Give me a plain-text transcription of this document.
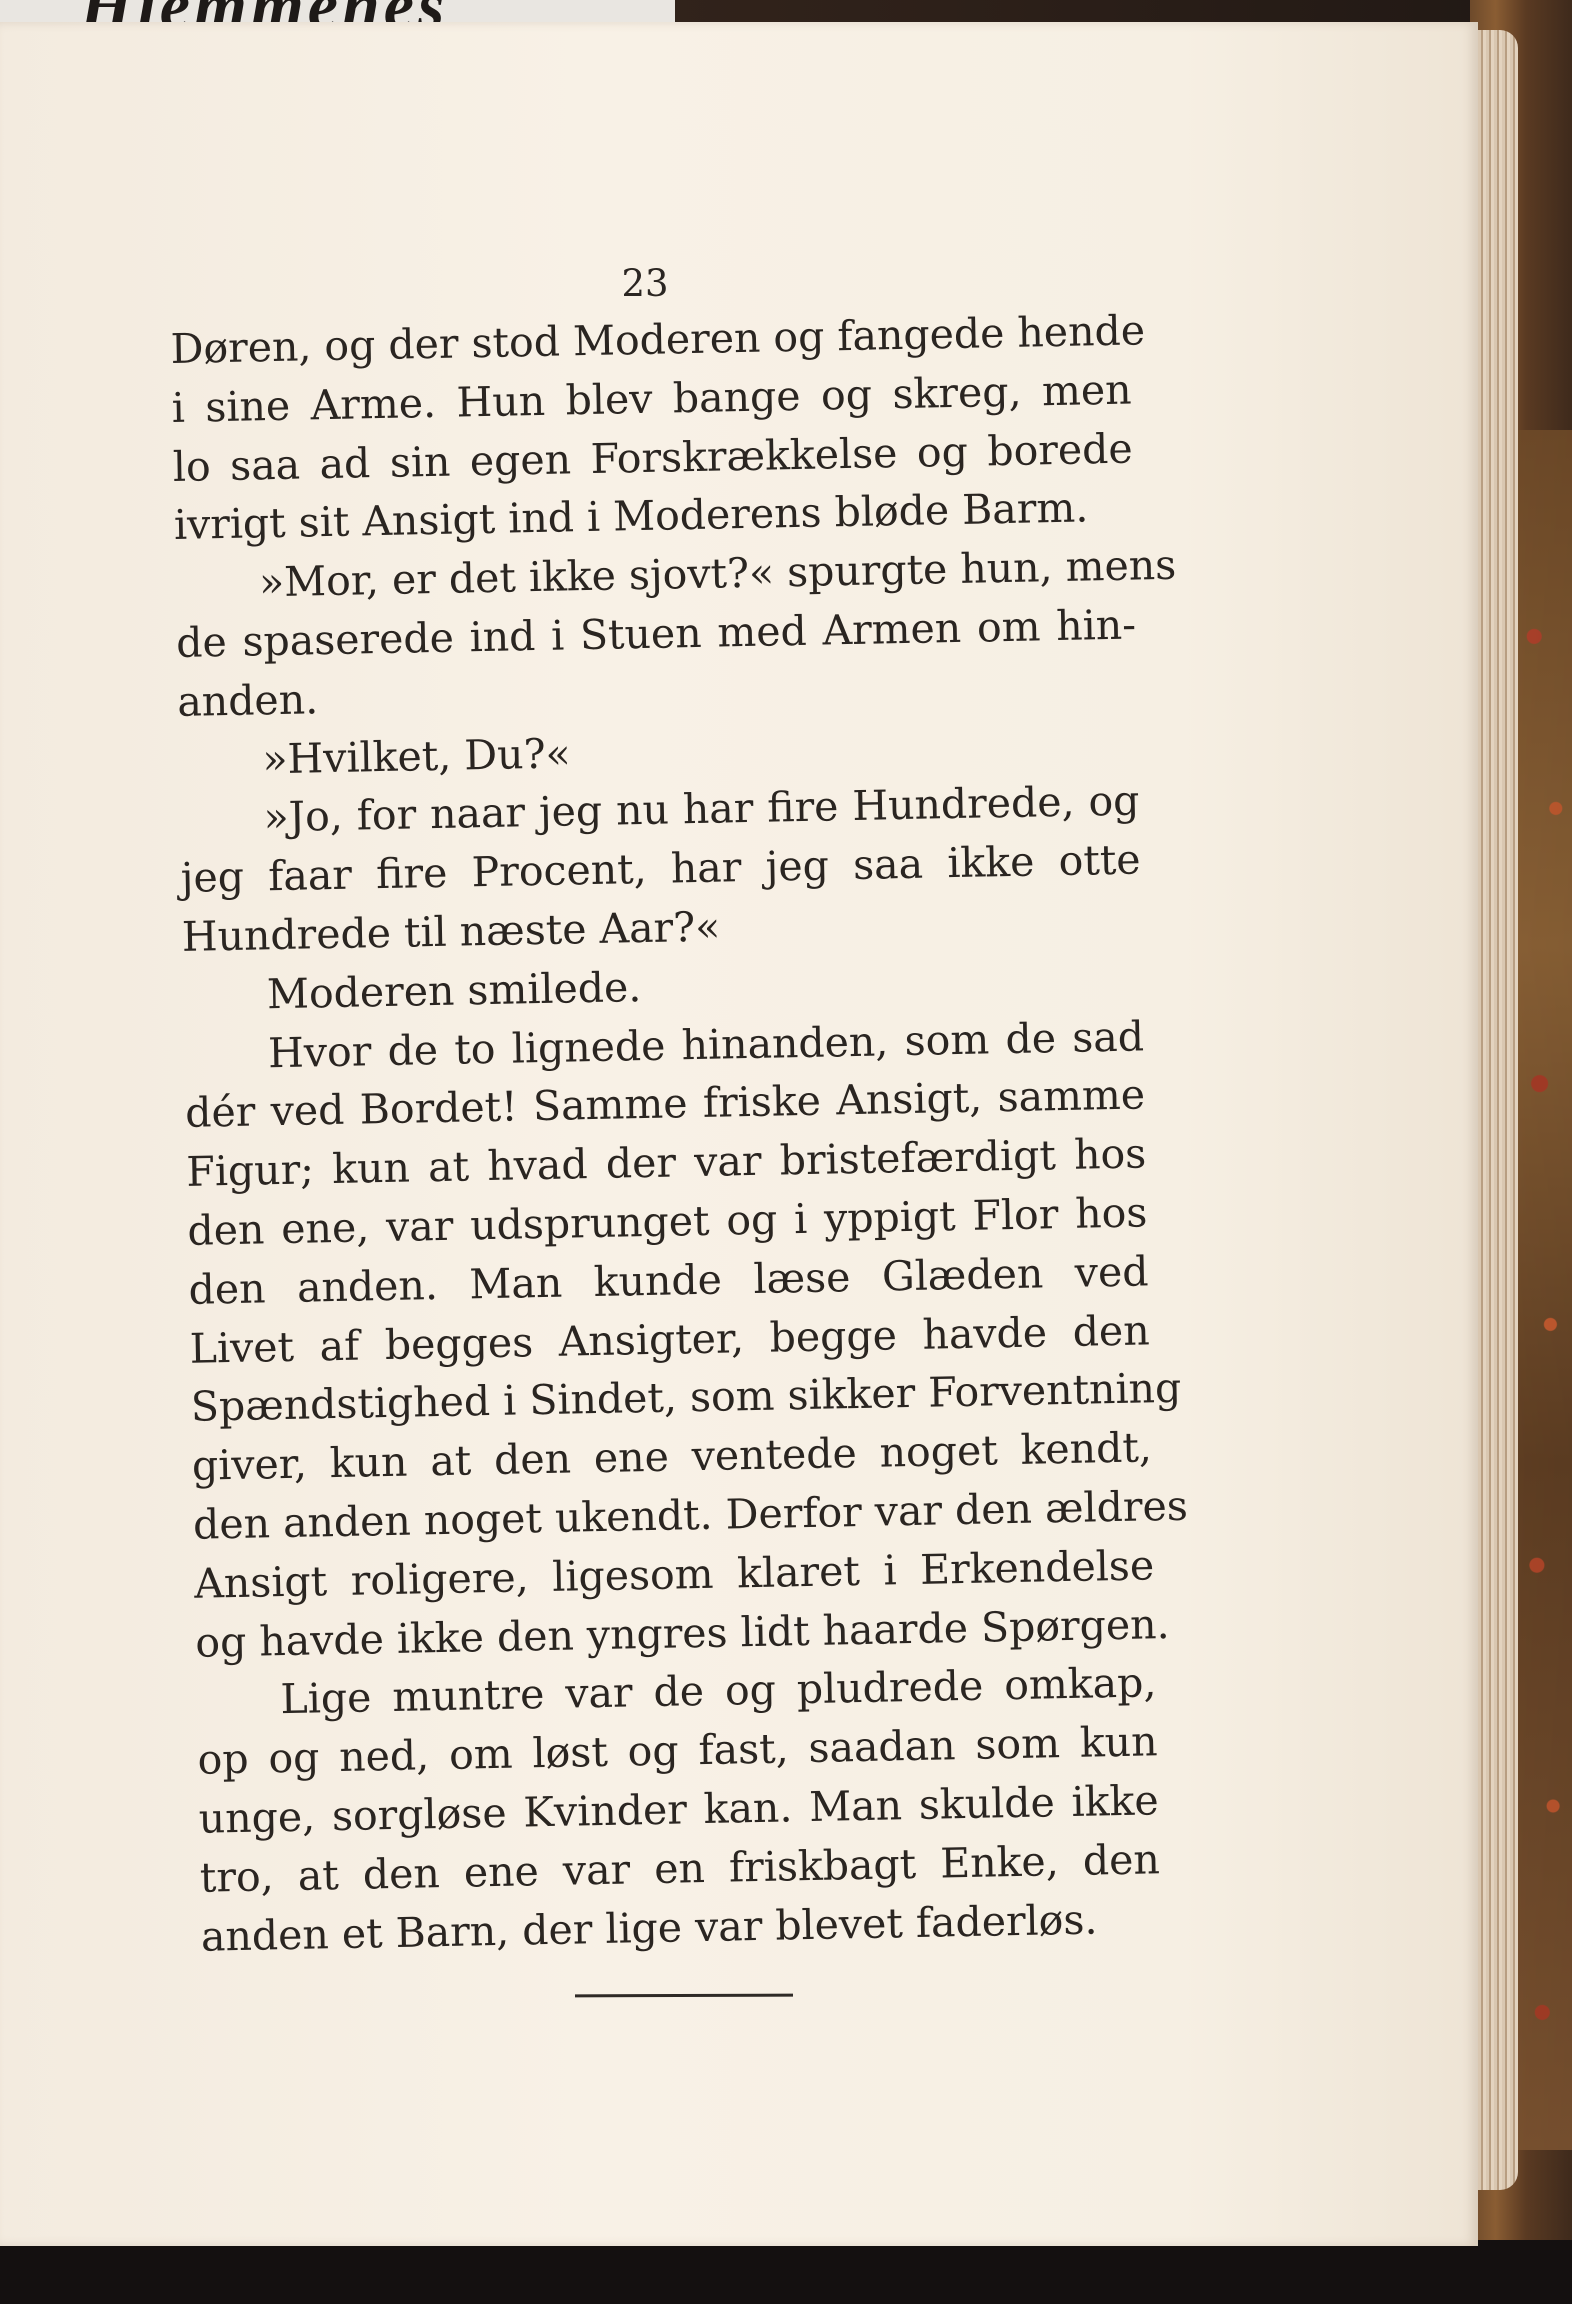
23
Døren, og der stod Moderen og fangede hende
i sine Arme. Hun blev bange og skreg, men
lo saa ad sin egen Forskrækkelse og borede
ivrigt sit Ansigt ind i Moderens bløde Barm.
»Mor, er det ikke sjovt?« spurgte hun, mens
de spaserede ind i Stuen med Armen om hin-
anden.
»Hvilket, Du?«
»Jo, for naar jeg nu har fire Hundrede, og
jeg faar fire Procent, har jeg saa ikke otte
Hundrede til næste Aar?«
Moderen smilede.
Hvor de to lignede hinanden, som de sad
dér ved Bordet! Samme friske Ansigt, samme
Figur; kun at hvad der var bristefærdigt hos
den ene, var udsprunget og i yppigt Flor hos
den anden. Man kunde læse Glæden ved
Livet af begges Ansigter, begge havde den
Spændstighed i Sindet, som sikker Forventning
giver, kun at den ene ventede noget kendt,
den anden noget ukendt. Derfor var den ældres
Ansigt roligere, ligesom klaret i Erkendelse
og havde ikke den yngres lidt haarde Spørgen.
Lige muntre var de og pludrede omkap,
op og ned, om løst og fast, saadan som kun
unge, sorgløse Kvinder kan. Man skulde ikke
tro, at den ene var en friskbagt Enke, den
anden et Barn, der lige var blevet faderløs.
